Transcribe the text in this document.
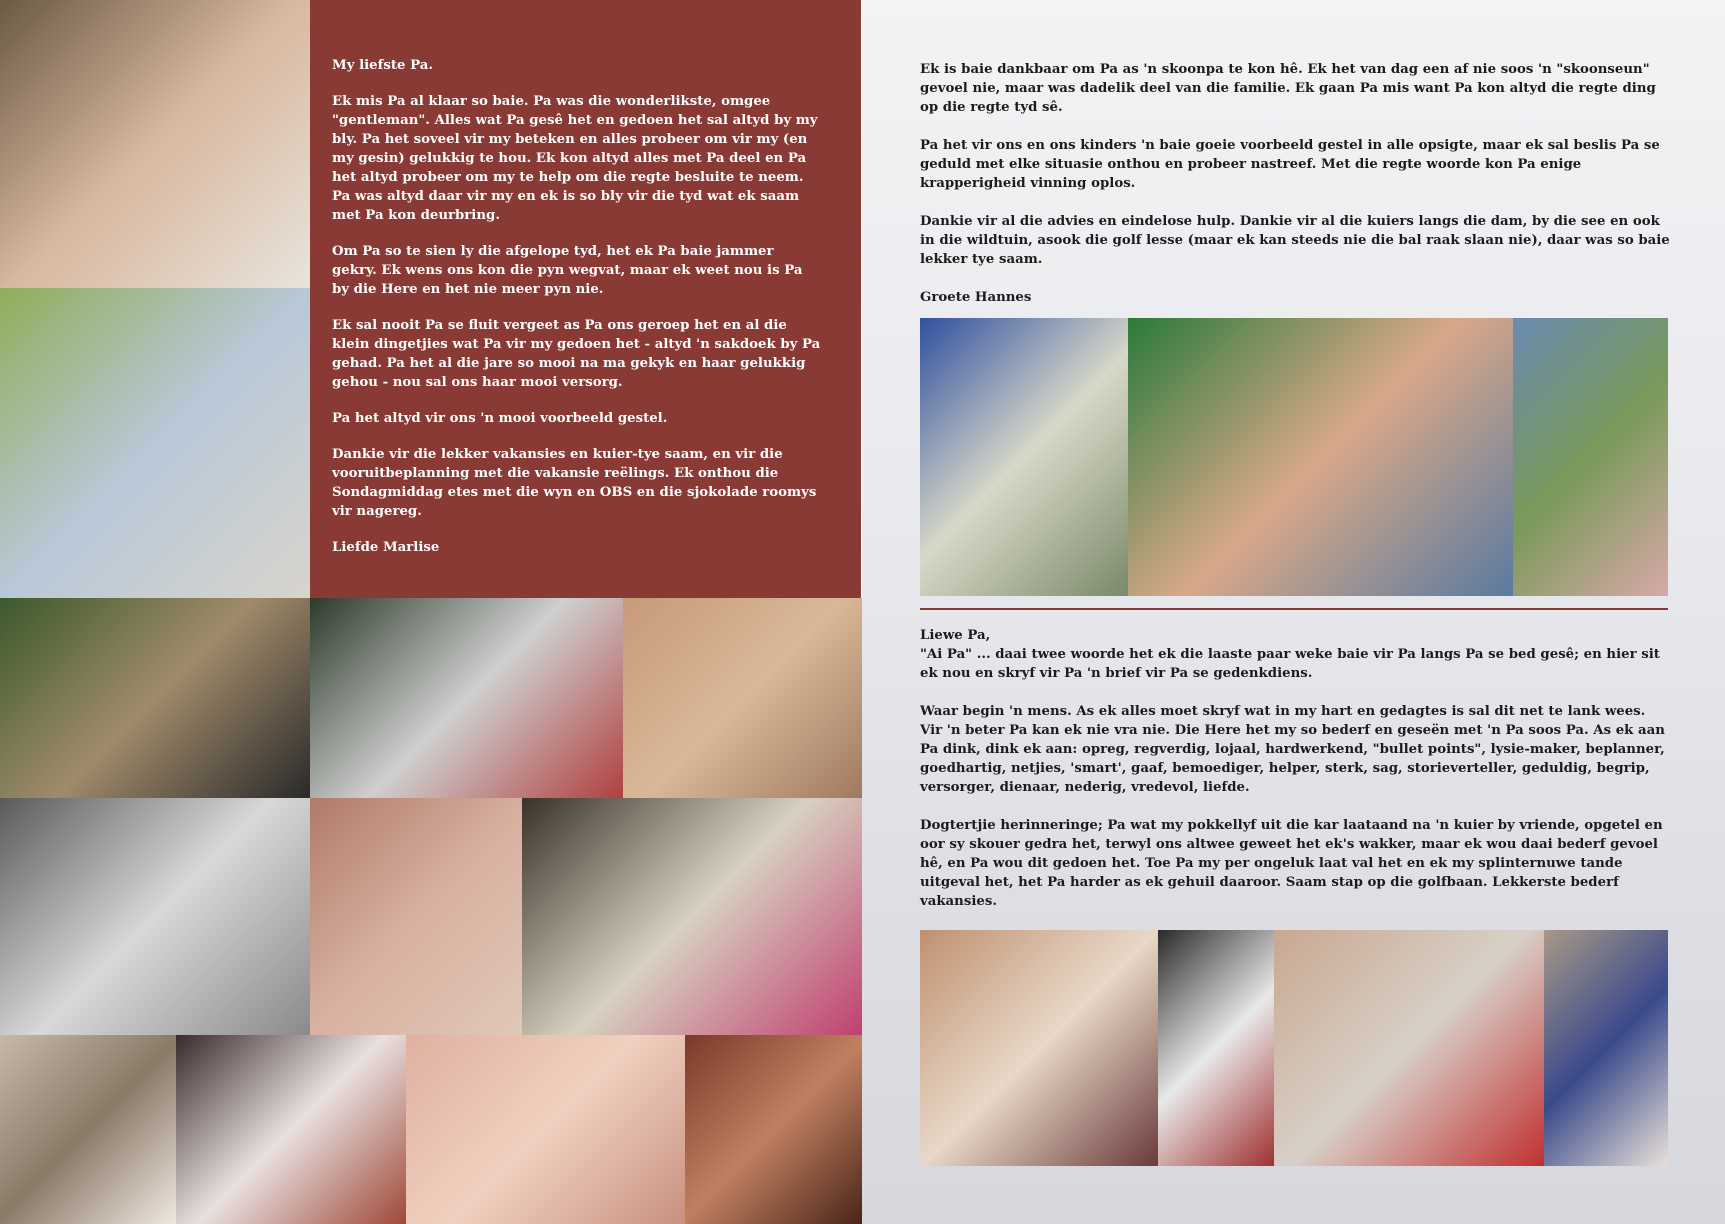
My liefste Pa.

Ek mis Pa al klaar so baie. Pa was die wonderlikste, omgee "gentleman". Alles wat Pa gesê het en gedoen het sal altyd by my bly. Pa het soveel vir my beteken en alles probeer om vir my (en my gesin) gelukkig te hou. Ek kon altyd alles met Pa deel en Pa het altyd probeer om my te help om die regte besluite te neem. Pa was altyd daar vir my en ek is so bly vir die tyd wat ek saam met Pa kon deurbring.

Om Pa so te sien ly die afgelope tyd, het ek Pa baie jammer gekry. Ek wens ons kon die pyn wegvat, maar ek weet nou is Pa by die Here en het nie meer pyn nie.

Ek sal nooit Pa se fluit vergeet as Pa ons geroep het en al die klein dingetjies wat Pa vir my gedoen het - altyd 'n sakdoek by Pa gehad. Pa het al die jare so mooi na ma gekyk en haar gelukkig gehou - nou sal ons haar mooi versorg.

Pa het altyd vir ons 'n mooi voorbeeld gestel.

Dankie vir die lekker vakansies en kuier-tye saam, en vir die vooruitbeplanning met die vakansie reëlings. Ek onthou die Sondagmiddag etes met die wyn en OBS en die sjokolade roomys vir nagereg.

Liefde Marlise

Ek is baie dankbaar om Pa as 'n skoonpa te kon hê. Ek het van dag een af nie soos 'n "skoonseun" gevoel nie, maar was dadelik deel van die familie. Ek gaan Pa mis want Pa kon altyd die regte ding op die regte tyd sê.

Pa het vir ons en ons kinders 'n baie goeie voorbeeld gestel in alle opsigte, maar ek sal beslis Pa se geduld met elke situasie onthou en probeer nastreef. Met die regte woorde kon Pa enige krapperigheid vinning oplos.

Dankie vir al die advies en eindelose hulp. Dankie vir al die kuiers langs die dam, by die see en ook in die wildtuin, asook die golf lesse (maar ek kan steeds nie die bal raak slaan nie), daar was so baie lekker tye saam.

Groete Hannes

Liewe Pa,

"Ai Pa" ... daai twee woorde het ek die laaste paar weke baie vir Pa langs Pa se bed gesê; en hier sit ek nou en skryf vir Pa 'n brief vir Pa se gedenkdiens.

Waar begin 'n mens. As ek alles moet skryf wat in my hart en gedagtes is sal dit net te lank wees. Vir 'n beter Pa kan ek nie vra nie. Die Here het my so bederf en geseën met 'n Pa soos Pa. As ek aan Pa dink, dink ek aan: opreg, regverdig, lojaal, hardwerkend, "bullet points", lysie-maker, beplanner, goedhartig, netjies, 'smart', gaaf, bemoediger, helper, sterk, sag, storieverteller, geduldig, begrip, versorger, dienaar, nederig, vredevol, liefde.

Dogtertjie herinneringe; Pa wat my pokkellyf uit die kar laataand na 'n kuier by vriende, opgetel en oor sy skouer gedra het, terwyl ons altwee geweet het ek's wakker, maar ek wou daai bederf gevoel hê, en Pa wou dit gedoen het. Toe Pa my per ongeluk laat val het en ek my splinternuwe tande uitgeval het, het Pa harder as ek gehuil daaroor. Saam stap op die golfbaan. Lekkerste bederf vakansies.
